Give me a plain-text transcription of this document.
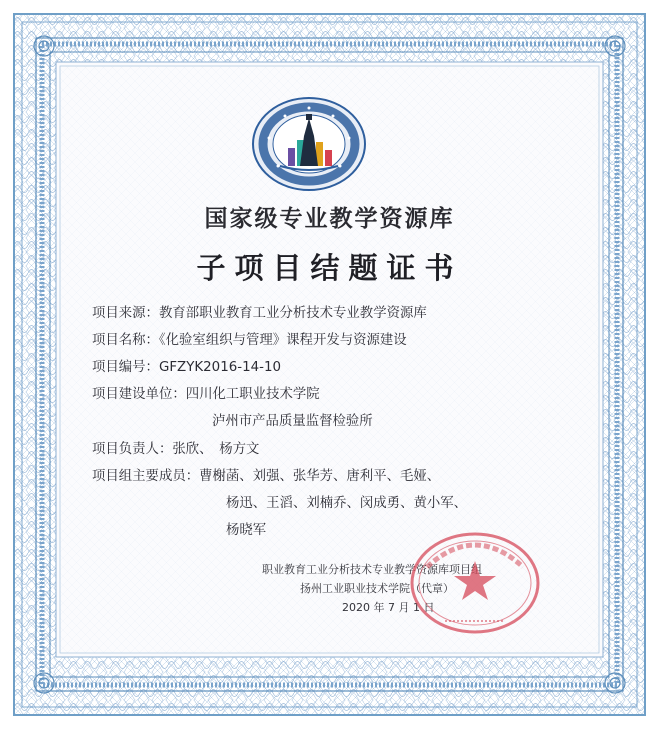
国家级专业教学资源库
子项目结题证书
项目来源：教育部职业教育工业分析技术专业教学资源库
项目名称：《化验室组织与管理》课程开发与资源建设
项目编号：GFZYK2016-14-10
项目建设单位：四川化工职业技术学院
泸州市产品质量监督检验所
项目负责人：张欣、　杨方文
项目组主要成员：曹榭菡、刘强、张华芳、唐利平、毛娅、
杨迅、王滔、刘楠乔、闵成勇、黄小军、
杨晓军
职业教育工业分析技术专业教学资源库项目组
扬州工业职业技术学院（代章）
2020 年 7 月 1 日
